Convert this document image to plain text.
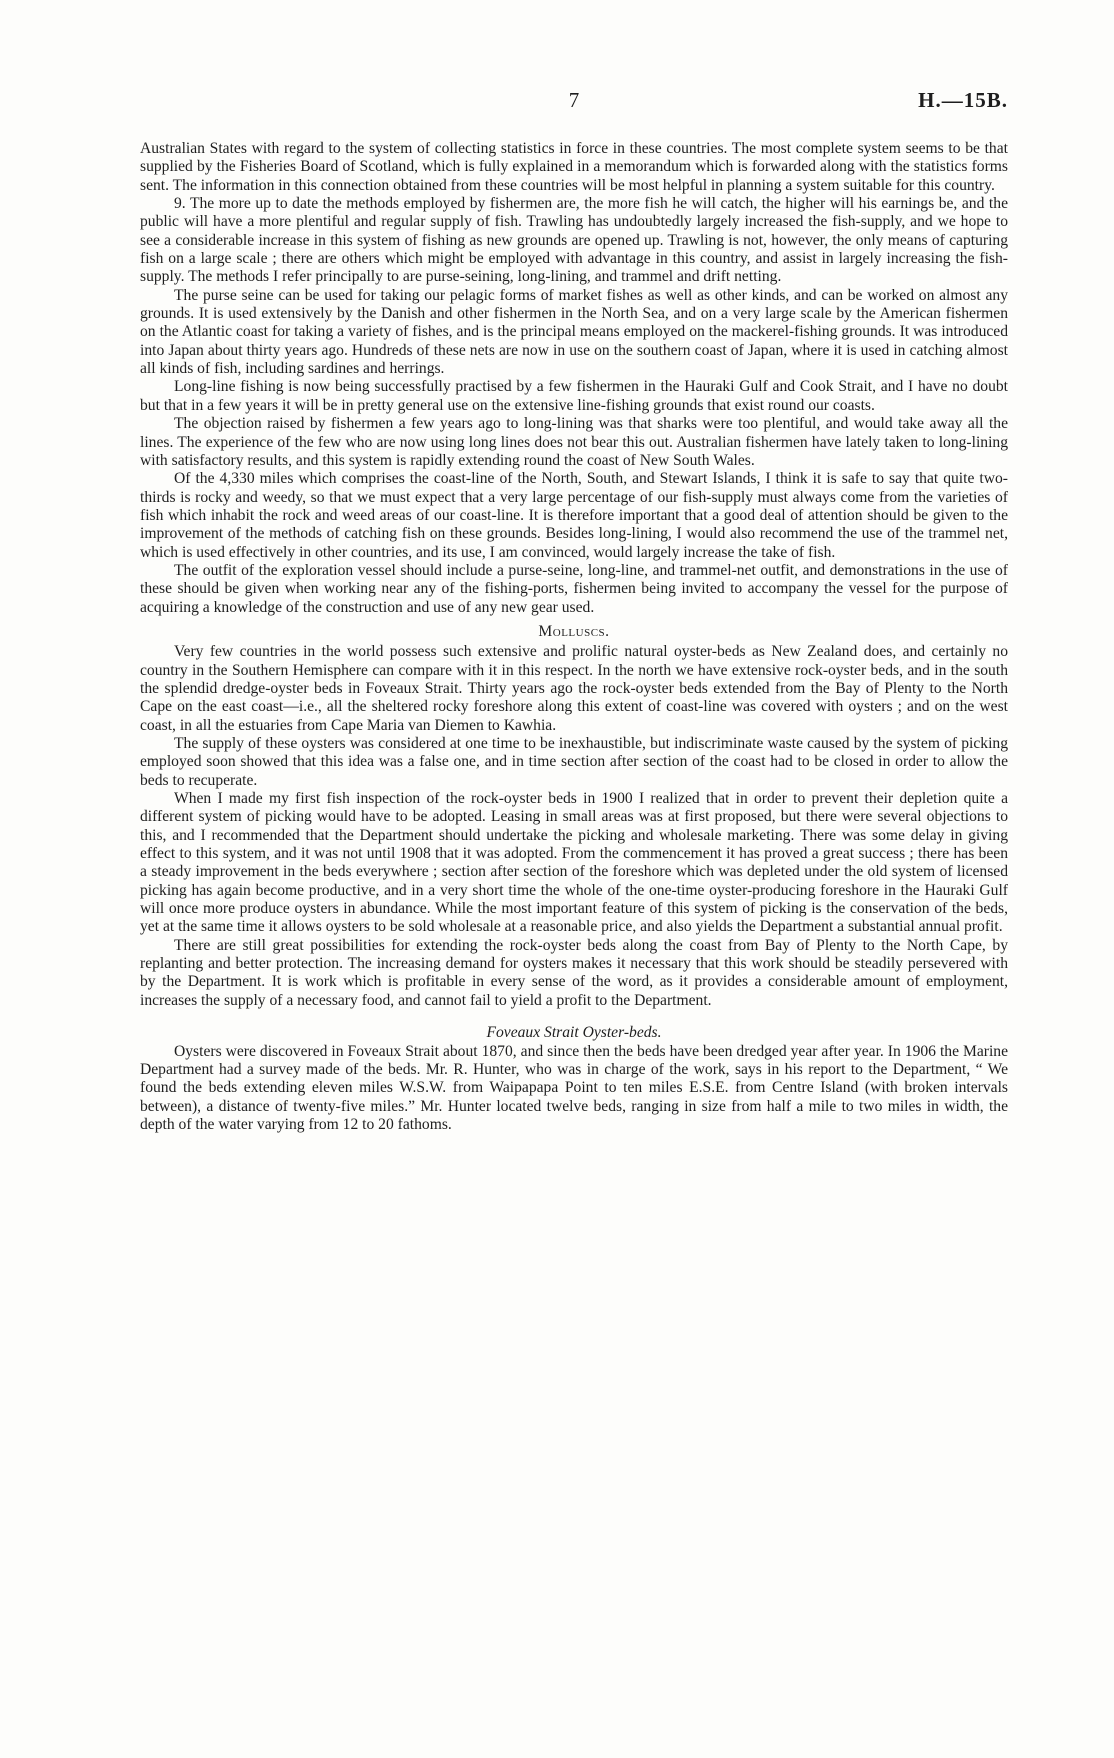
7	H.—15B.

Australian States with regard to the system of collecting statistics in force in these countries. The most complete system seems to be that supplied by the Fisheries Board of Scotland, which is fully explained in a memorandum which is forwarded along with the statistics forms sent. The information in this connection obtained from these countries will be most helpful in planning a system suitable for this country.

9. The more up to date the methods employed by fishermen are, the more fish he will catch, the higher will his earnings be, and the public will have a more plentiful and regular supply of fish. Trawling has undoubtedly largely increased the fish-supply, and we hope to see a considerable increase in this system of fishing as new grounds are opened up. Trawling is not, however, the only means of capturing fish on a large scale ; there are others which might be employed with advantage in this country, and assist in largely increasing the fish-supply. The methods I refer principally to are purse-seining, long-lining, and trammel and drift netting.

The purse seine can be used for taking our pelagic forms of market fishes as well as other kinds, and can be worked on almost any grounds. It is used extensively by the Danish and other fishermen in the North Sea, and on a very large scale by the American fishermen on the Atlantic coast for taking a variety of fishes, and is the principal means employed on the mackerel-fishing grounds. It was introduced into Japan about thirty years ago. Hundreds of these nets are now in use on the southern coast of Japan, where it is used in catching almost all kinds of fish, including sardines and herrings.

Long-line fishing is now being successfully practised by a few fishermen in the Hauraki Gulf and Cook Strait, and I have no doubt but that in a few years it will be in pretty general use on the extensive line-fishing grounds that exist round our coasts.

The objection raised by fishermen a few years ago to long-lining was that sharks were too plentiful, and would take away all the lines. The experience of the few who are now using long lines does not bear this out. Australian fishermen have lately taken to long-lining with satisfactory results, and this system is rapidly extending round the coast of New South Wales.

Of the 4,330 miles which comprises the coast-line of the North, South, and Stewart Islands, I think it is safe to say that quite two-thirds is rocky and weedy, so that we must expect that a very large percentage of our fish-supply must always come from the varieties of fish which inhabit the rock and weed areas of our coast-line. It is therefore important that a good deal of attention should be given to the improvement of the methods of catching fish on these grounds. Besides long-lining, I would also recommend the use of the trammel net, which is used effectively in other countries, and its use, I am convinced, would largely increase the take of fish.

The outfit of the exploration vessel should include a purse-seine, long-line, and trammel-net outfit, and demonstrations in the use of these should be given when working near any of the fishing-ports, fishermen being invited to accompany the vessel for the purpose of acquiring a knowledge of the construction and use of any new gear used.

Molluscs.

Very few countries in the world possess such extensive and prolific natural oyster-beds as New Zealand does, and certainly no country in the Southern Hemisphere can compare with it in this respect. In the north we have extensive rock-oyster beds, and in the south the splendid dredge-oyster beds in Foveaux Strait. Thirty years ago the rock-oyster beds extended from the Bay of Plenty to the North Cape on the east coast—i.e., all the sheltered rocky foreshore along this extent of coast-line was covered with oysters ; and on the west coast, in all the estuaries from Cape Maria van Diemen to Kawhia.

The supply of these oysters was considered at one time to be inexhaustible, but indiscriminate waste caused by the system of picking employed soon showed that this idea was a false one, and in time section after section of the coast had to be closed in order to allow the beds to recuperate.

When I made my first fish inspection of the rock-oyster beds in 1900 I realized that in order to prevent their depletion quite a different system of picking would have to be adopted. Leasing in small areas was at first proposed, but there were several objections to this, and I recommended that the Department should undertake the picking and wholesale marketing. There was some delay in giving effect to this system, and it was not until 1908 that it was adopted. From the commencement it has proved a great success ; there has been a steady improvement in the beds everywhere ; section after section of the foreshore which was depleted under the old system of licensed picking has again become productive, and in a very short time the whole of the one-time oyster-producing foreshore in the Hauraki Gulf will once more produce oysters in abundance. While the most important feature of this system of picking is the conservation of the beds, yet at the same time it allows oysters to be sold wholesale at a reasonable price, and also yields the Department a substantial annual profit.

There are still great possibilities for extending the rock-oyster beds along the coast from Bay of Plenty to the North Cape, by replanting and better protection. The increasing demand for oysters makes it necessary that this work should be steadily persevered with by the Department. It is work which is profitable in every sense of the word, as it provides a considerable amount of employment, increases the supply of a necessary food, and cannot fail to yield a profit to the Department.

Foveaux Strait Oyster-beds.

Oysters were discovered in Foveaux Strait about 1870, and since then the beds have been dredged year after year. In 1906 the Marine Department had a survey made of the beds. Mr. R. Hunter, who was in charge of the work, says in his report to the Department, “ We found the beds extending eleven miles W.S.W. from Waipapapa Point to ten miles E.S.E. from Centre Island (with broken intervals between), a distance of twenty-five miles.” Mr. Hunter located twelve beds, ranging in size from half a mile to two miles in width, the depth of the water varying from 12 to 20 fathoms.
